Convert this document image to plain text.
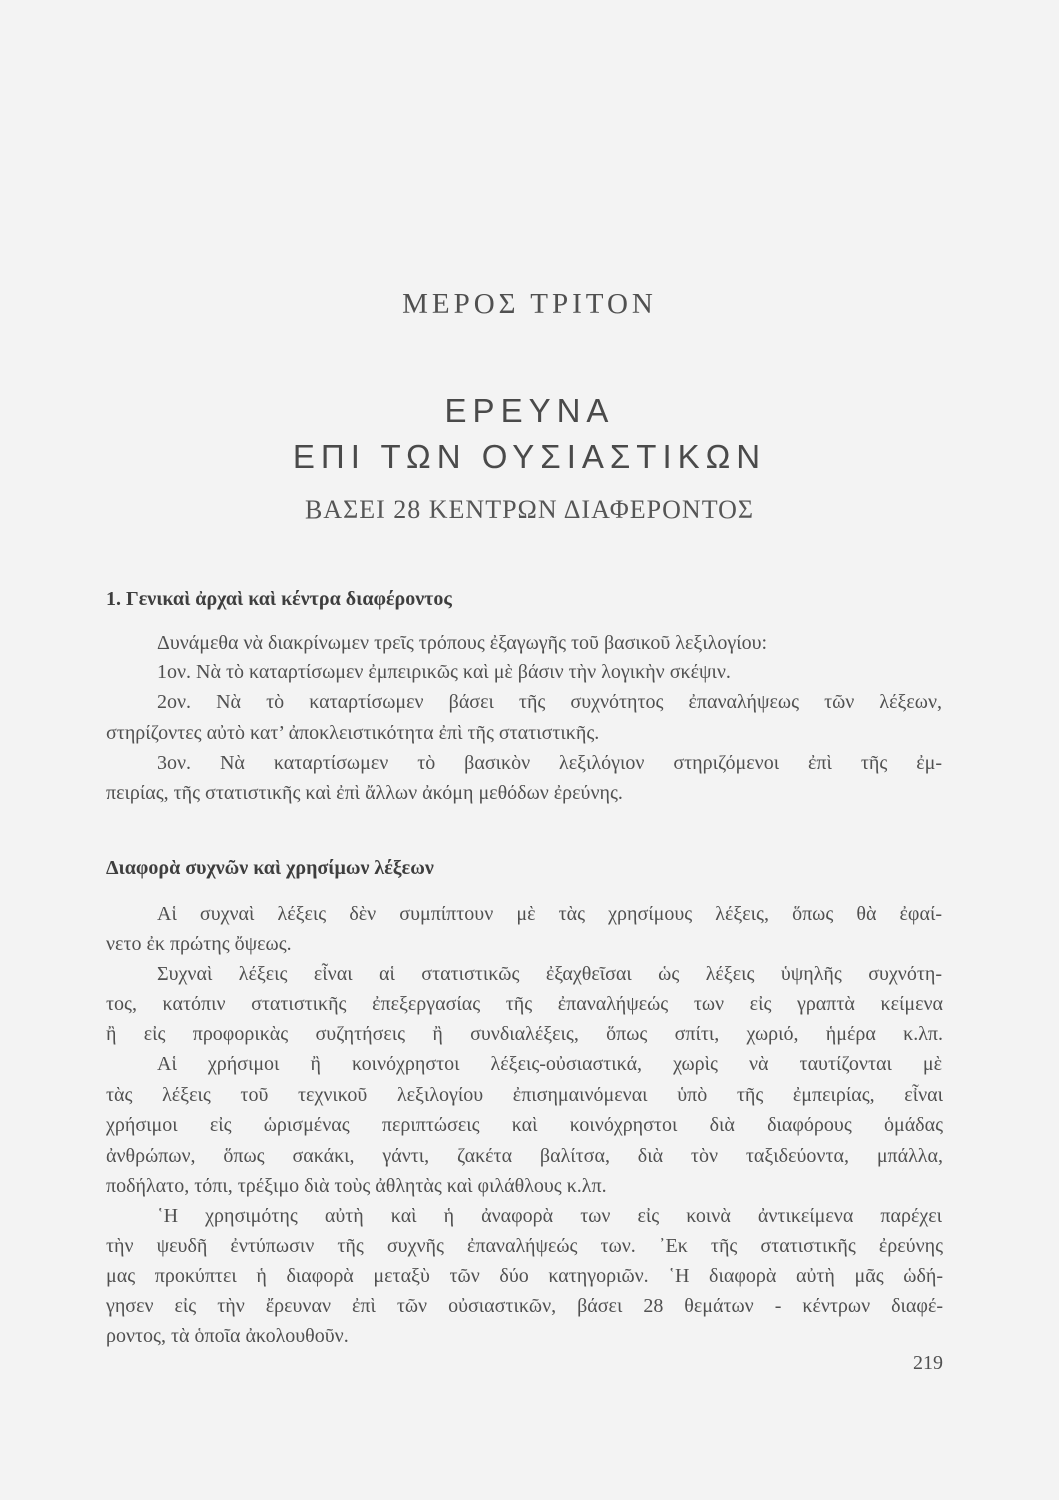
ΜΕΡΟΣ ΤΡΙΤΟΝ
ΕΡΕΥΝΑ
ΕΠΙ ΤΩΝ ΟΥΣΙΑΣΤΙΚΩΝ
ΒΑΣΕΙ 28 ΚΕΝΤΡΩΝ ΔΙΑΦΕΡΟΝΤΟΣ
1. Γενικαὶ ἀρχαὶ καὶ κέντρα διαφέροντος
Δυνάμεθα νὰ διακρίνωμεν τρεῖς τρόπους ἐξαγωγῆς τοῦ βασικοῦ λεξιλογίου:
1ον. Νὰ τὸ καταρτίσωμεν ἐμπειρικῶς καὶ μὲ βάσιν τὴν λογικὴν σκέψιν.
2ον. Νὰ τὸ καταρτίσωμεν βάσει τῆς συχνότητος ἐπαναλήψεως τῶν λέξεων,
στηρίζοντες αὐτὸ κατ’ ἀποκλειστικότητα ἐπὶ τῆς στατιστικῆς.
3ον. Νὰ καταρτίσωμεν τὸ βασικὸν λεξιλόγιον στηριζόμενοι ἐπὶ τῆς ἐμ-
πειρίας, τῆς στατιστικῆς καὶ ἐπὶ ἄλλων ἀκόμη μεθόδων ἐρεύνης.
Διαφορὰ συχνῶν καὶ χρησίμων λέξεων
Αἱ συχναὶ λέξεις δὲν συμπίπτουν μὲ τὰς χρησίμους λέξεις, ὅπως θὰ ἐφαί-
νετο ἐκ πρώτης ὄψεως.
Συχναὶ λέξεις εἶναι αἱ στατιστικῶς ἐξαχθεῖσαι ὡς λέξεις ὑψηλῆς συχνότη-
τος, κατόπιν στατιστικῆς ἐπεξεργασίας τῆς ἐπαναλήψεώς των εἰς γραπτὰ κείμενα
ἢ εἰς προφορικὰς συζητήσεις ἢ συνδιαλέξεις, ὅπως σπίτι, χωριό, ἡμέρα κ.λπ.
Αἱ χρήσιμοι ἢ κοινόχρηστοι λέξεις-οὐσιαστικά, χωρὶς νὰ ταυτίζονται μὲ
τὰς λέξεις τοῦ τεχνικοῦ λεξιλογίου ἐπισημαινόμεναι ὑπὸ τῆς ἐμπειρίας, εἶναι
χρήσιμοι εἰς ὡρισμένας περιπτώσεις καὶ κοινόχρηστοι διὰ διαφόρους ὁμάδας
ἀνθρώπων, ὅπως σακάκι, γάντι, ζακέτα βαλίτσα, διὰ τὸν ταξιδεύοντα, μπάλλα,
ποδήλατο, τόπι, τρέξιμο διὰ τοὺς ἀθλητὰς καὶ φιλάθλους κ.λπ.
῾Η χρησιμότης αὐτὴ καὶ ἡ ἀναφορὰ των εἰς κοινὰ ἀντικείμενα παρέχει
τὴν ψευδῆ ἐντύπωσιν τῆς συχνῆς ἐπαναλήψεώς των. ᾿Εκ τῆς στατιστικῆς ἐρεύνης
μας προκύπτει ἡ διαφορὰ μεταξὺ τῶν δύο κατηγοριῶν. ῾Η διαφορὰ αὐτὴ μᾶς ὡδή-
γησεν εἰς τὴν ἔρευναν ἐπὶ τῶν οὐσιαστικῶν, βάσει 28 θεμάτων - κέντρων διαφέ-
ροντος, τὰ ὁποῖα ἀκολουθοῦν.
219
